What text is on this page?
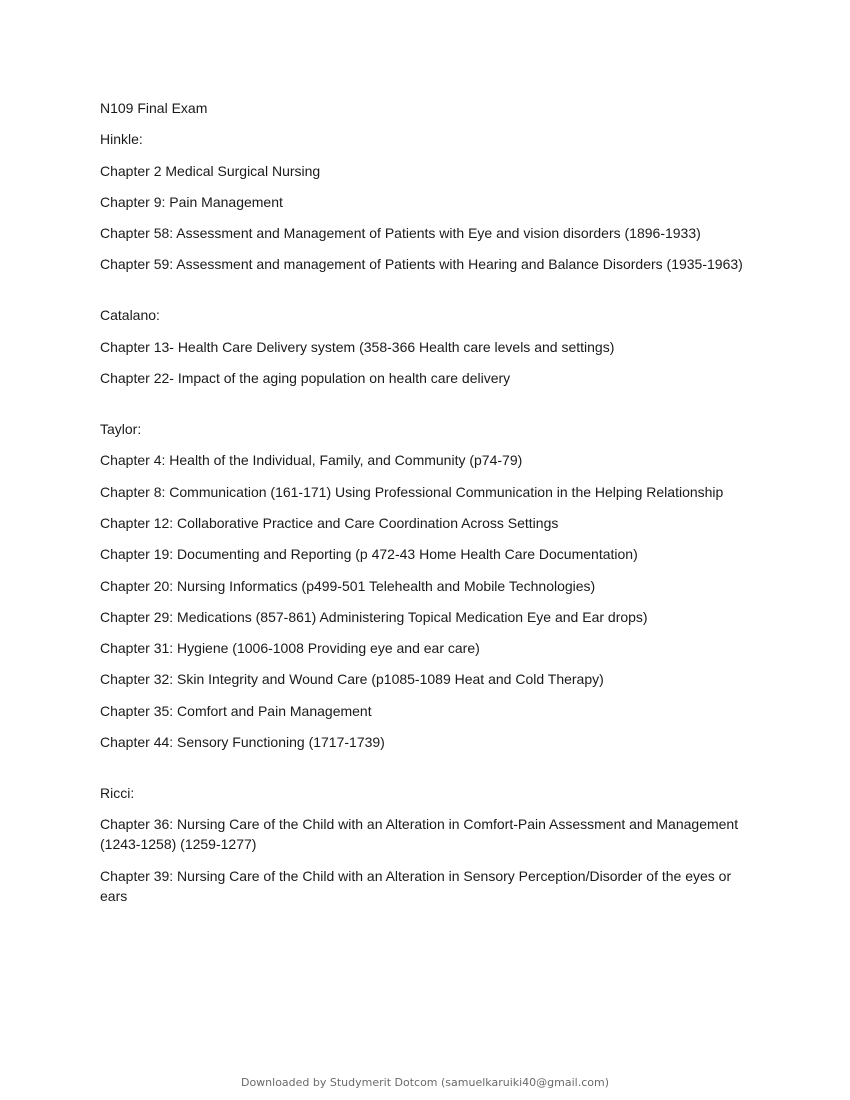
N109 Final Exam

Hinkle:

Chapter 2 Medical Surgical Nursing

Chapter 9: Pain Management

Chapter 58: Assessment and Management of Patients with Eye and vision disorders (1896-1933)

Chapter 59: Assessment and management of Patients with Hearing and Balance Disorders (1935-1963)

Catalano:

Chapter 13- Health Care Delivery system (358-366 Health care levels and settings)

Chapter 22- Impact of the aging population on health care delivery

Taylor:

Chapter 4: Health of the Individual, Family, and Community (p74-79)

Chapter 8: Communication (161-171) Using Professional Communication in the Helping Relationship

Chapter 12: Collaborative Practice and Care Coordination Across Settings

Chapter 19: Documenting and Reporting (p 472-43 Home Health Care Documentation)

Chapter 20: Nursing Informatics (p499-501 Telehealth and Mobile Technologies)

Chapter 29: Medications (857-861) Administering Topical Medication Eye and Ear drops)

Chapter 31: Hygiene (1006-1008 Providing eye and ear care)

Chapter 32: Skin Integrity and Wound Care (p1085-1089 Heat and Cold Therapy)

Chapter 35: Comfort and Pain Management

Chapter 44: Sensory Functioning (1717-1739)

Ricci:

Chapter 36: Nursing Care of the Child with an Alteration in Comfort-Pain Assessment and Management (1243-1258) (1259-1277)

Chapter 39: Nursing Care of the Child with an Alteration in Sensory Perception/Disorder of the eyes or ears

Downloaded by Studymerit Dotcom (samuelkaruiki40@gmail.com)
